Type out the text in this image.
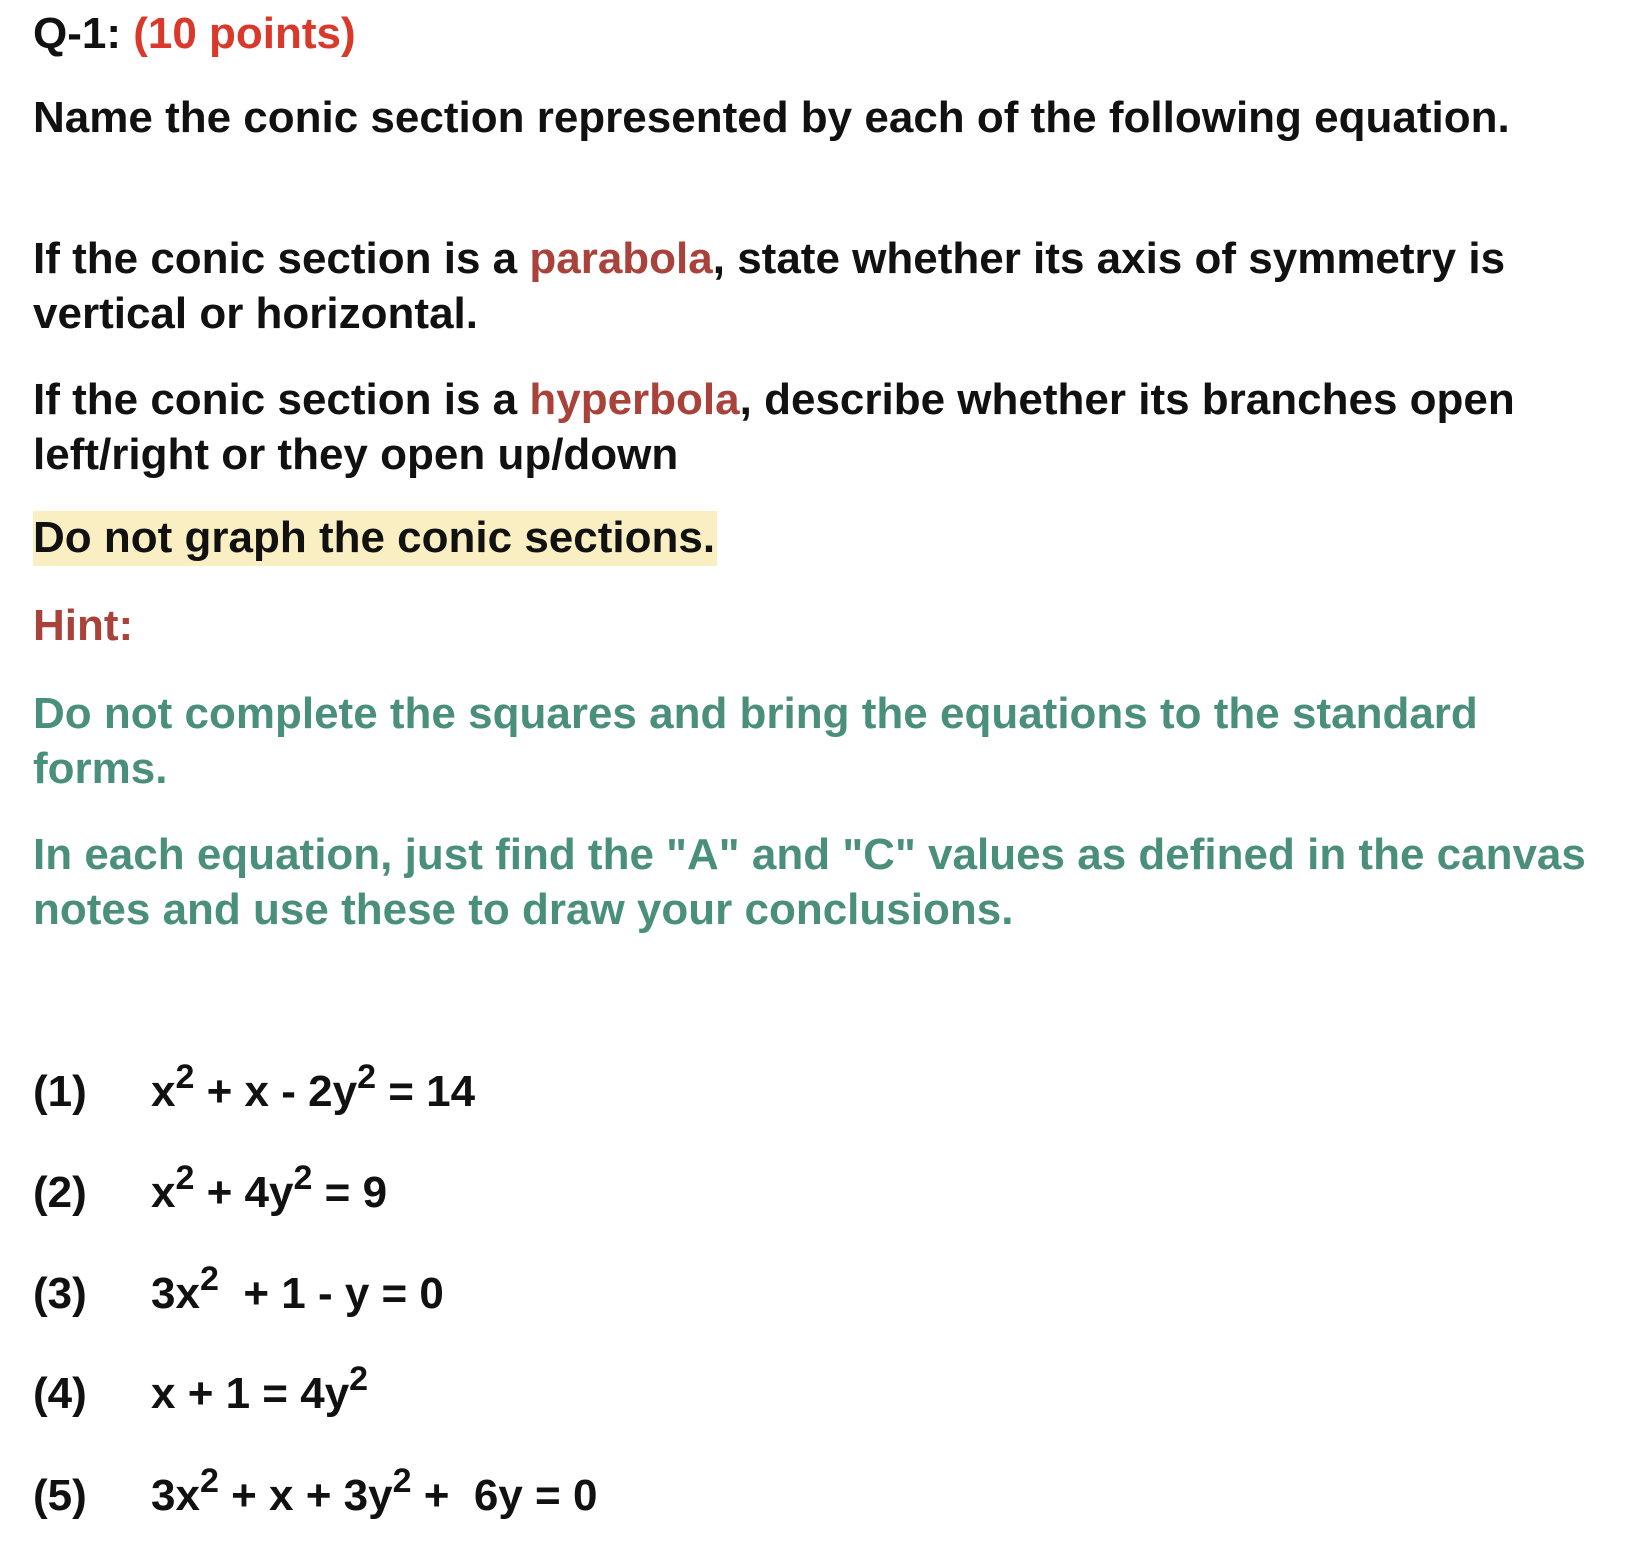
Q-1: (10 points)

Name the conic section represented by each of the following equation.

If the conic section is a parabola, state whether its axis of symmetry is vertical or horizontal.

If the conic section is a hyperbola, describe whether its branches open left/right or they open up/down

Do not graph the conic sections.

Hint:

Do not complete the squares and bring the equations to the standard forms.

In each equation, just find the "A" and "C" values as defined in the canvas notes and use these to draw your conclusions.

(1) $x^2 + x - 2y^2 = 14$
(2) $x^2 + 4y^2 = 9$
(3) $3x^2 + 1 - y = 0$
(4) $x + 1 = 4y^2$
(5) $3x^2 + x + 3y^2 + 6y = 0$
